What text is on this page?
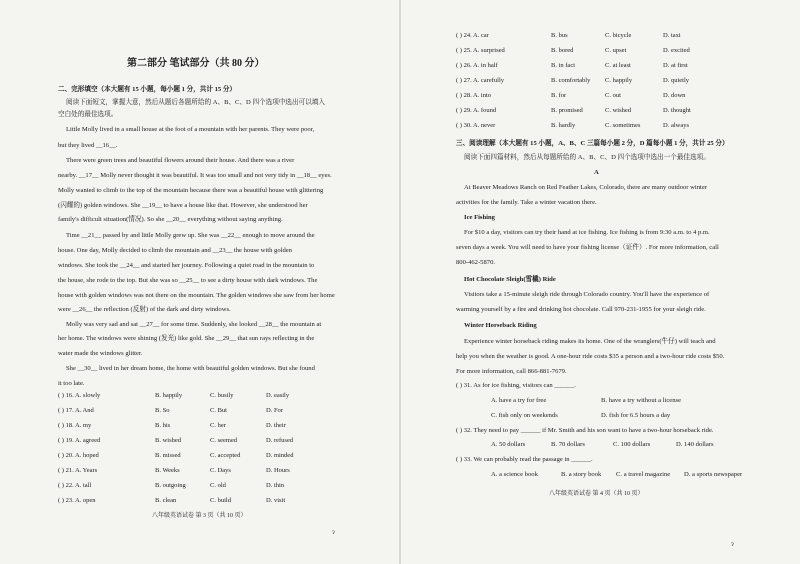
第二部分 笔试部分（共 80 分）
二、完形填空（本大题有 15 小题，每小题 1 分，共计 15 分）
阅读下面短文，掌握大意，然后从题后各题所给的 A、B、C、D 四个选项中选出可以填入
空白处的最佳选项。
Little Molly lived in a small house at the foot of a mountain with her parents. They were poor,
but they lived __16__.
There were green trees and beautiful flowers around their house. And there was a river
nearby. __17__ Molly never thought it was beautiful. It was too small and not very tidy in __18__ eyes.
Molly wanted to climb to the top of the mountain because there was a beautiful house with glittering
(闪耀的) golden windows. She __19__ to have a house like that. However, she understood her
family's difficult situation(情况). So she __20__ everything without saying anything.
Time __21__ passed by and little Molly grew up. She was __22__ enough to move around the
house. One day, Molly decided to climb the mountain and __23__ the house with golden
windows. She took the __24__ and started her journey. Following a quiet road in the mountain to
the house, she rode to the top. But she was so __25__ to see a dirty house with dark windows. The
house with golden windows was not there on the mountain. The golden windows she saw from her home
were __26__ the reflection (反射) of the dark and dirty windows.
Molly was very sad and sat __27__ for some time. Suddenly, she looked __28__ the mountain at
her home. The windows were shining (发光) like gold. She __29__ that sun rays reflecting in the
water made the windows glitter.
She __30__ lived in her dream home, the home with beautiful golden windows. But she found
it too late.
( ) 16. A. slowly	B. happily	C. busily	D. easily
( ) 17. A. And	B. So	C. But	D. For
( ) 18. A. my	B. his	C. her	D. their
( ) 19. A. agreed	B. wished	C. seemed	D. refused
( ) 20. A. hoped	B. missed	C. accepted	D. minded
( ) 21. A. Years	B. Weeks	C. Days	D. Hours
( ) 22. A. tall	B. outgoing	C. old	D. thin
( ) 23. A. open	B. clean	C. build	D. visit
八年级英语试卷 第 3 页（共 10 页）
ɂ
( ) 24. A. car	B. bus	C. bicycle	D. taxi
( ) 25. A. surprised	B. bored	C. upset	D. excited
( ) 26. A. in half	B. in fact	C. at least	D. at first
( ) 27. A. carefully	B. comfortably C. happily	D. quietly
( ) 28. A. into	B. for	C. out	D. down
( ) 29. A. found	B. promised	C. wished	D. thought
( ) 30. A. never	B. hardly	C. sometimes	D. always
三、阅读理解（本大题有 15 小题，A、B、C 三篇每小题 2 分，D 篇每小题 1 分，共计 25 分）
阅读下面四篇材料，然后从每题所给的 A、B、C、D 四个选项中选出一个最佳选项。
A
At Beaver Meadows Ranch on Red Feather Lakes, Colorado, there are many outdoor winter
activities for the family. Take a winter vacation there.
Ice Fishing
For $10 a day, visitors can try their hand at ice fishing. Ice fishing is from 9:30 a.m. to 4 p.m.
seven days a week. You will need to have your fishing license（证件）. For more information, call
800-462-5870.
Hot Chocolate Sleigh(雪橇) Ride
Visitors take a 15-minute sleigh ride through Colorado country. You'll have the experience of
warming yourself by a fire and drinking hot chocolate. Call 970-231-1955 for your sleigh ride.
Winter Horseback Riding
Experience winter horseback riding makes its home. One of the wranglers(牛仔) will teach and
help you when the weather is good. A one-hour ride costs $35 a person and a two-hour ride costs $50.
For more information, call 866-881-7679.
( ) 31. As for ice fishing, visitors can ______.
A. have a try for free	B. have a try without a license
C. fish only on weekends	D. fish for 6.5 hours a day
( ) 32. They need to pay ______ if Mr. Smith and his son want to have a two-hour horseback ride.
A. 50 dollars	B. 70 dollars	C. 100 dollars	D. 140 dollars
( ) 33. We can probably read the passage in ______.
A. a science book	B. a story book C. a travel magazine D. a sports newspaper
八年级英语试卷 第 4 页（共 10 页）
ɂ
